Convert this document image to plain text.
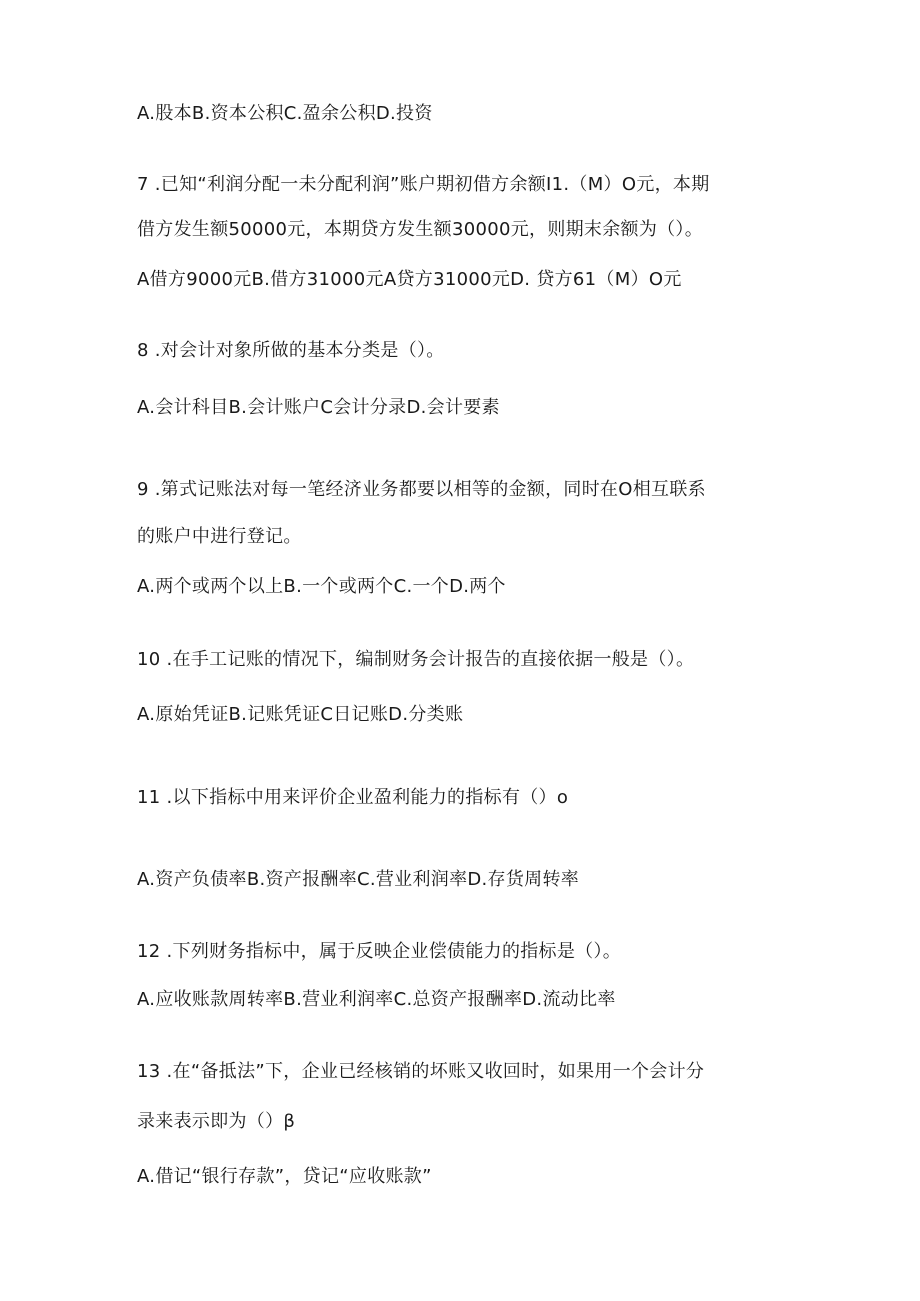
A.股本B.资本公积C.盈余公积D.投资
7 .已知“利润分配一未分配利润”账户期初借方余额I1.（M）O元，本期
借方发生额50000元，本期贷方发生额30000元，则期末余额为（）。
A借方9000元B.借方31000元A贷方31000元D. 贷方61（M）O元
8 .对会计对象所做的基本分类是（）。
A.会计科目B.会计账户C会计分录D.会计要素
9 .第式记账法对每一笔经济业务都要以相等的金额，同时在O相互联系
的账户中进行登记。
A.两个或两个以上B.一个或两个C.一个D.两个
10 .在手工记账的情况下，编制财务会计报告的直接依据一般是（）。
A.原始凭证B.记账凭证C日记账D.分类账
11 .以下指标中用来评价企业盈利能力的指标有（）o
A.资产负债率B.资产报酬率C.营业利润率D.存货周转率
12 .下列财务指标中，属于反映企业偿债能力的指标是（）。
A.应收账款周转率B.营业利润率C.总资产报酬率D.流动比率
13 .在“备抵法”下，企业已经核销的坏账又收回时，如果用一个会计分
录来表示即为（）β
A.借记“银行存款”，贷记“应收账款”
